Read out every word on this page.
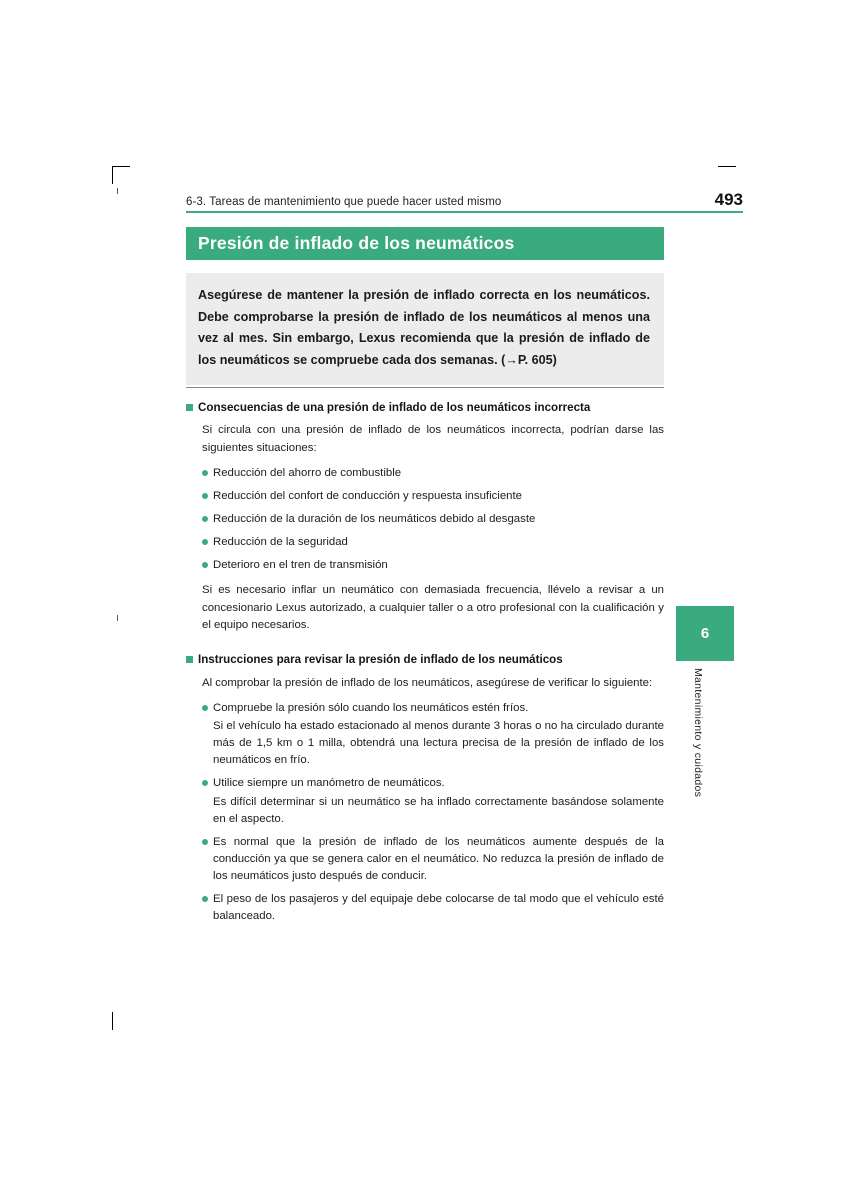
6-3. Tareas de mantenimiento que puede hacer usted mismo	493
Presión de inflado de los neumáticos

Asegúrese de mantener la presión de inflado correcta en los neumáticos. Debe comprobarse la presión de inflado de los neumáticos al menos una vez al mes. Sin embargo, Lexus recomienda que la presión de inflado de los neumáticos se compruebe cada dos semanas. (→P. 605)

Consecuencias de una presión de inflado de los neumáticos incorrecta

Si circula con una presión de inflado de los neumáticos incorrecta, podrían darse las siguientes situaciones:

Reducción del ahorro de combustible
Reducción del confort de conducción y respuesta insuficiente
Reducción de la duración de los neumáticos debido al desgaste
Reducción de la seguridad
Deterioro en el tren de transmisión

Si es necesario inflar un neumático con demasiada frecuencia, llévelo a revisar a un concesionario Lexus autorizado, a cualquier taller o a otro profesional con la cualificación y el equipo necesarios.

Instrucciones para revisar la presión de inflado de los neumáticos

Al comprobar la presión de inflado de los neumáticos, asegúrese de verificar lo siguiente:

Compruebe la presión sólo cuando los neumáticos estén fríos.
Si el vehículo ha estado estacionado al menos durante 3 horas o no ha circulado durante más de 1,5 km o 1 milla, obtendrá una lectura precisa de la presión de inflado de los neumáticos en frío.
Utilice siempre un manómetro de neumáticos.
Es difícil determinar si un neumático se ha inflado correctamente basándose solamente en el aspecto.
Es normal que la presión de inflado de los neumáticos aumente después de la conducción ya que se genera calor en el neumático. No reduzca la presión de inflado de los neumáticos justo después de conducir.
El peso de los pasajeros y del equipaje debe colocarse de tal modo que el vehículo esté balanceado.
6
Mantenimiento y cuidados
